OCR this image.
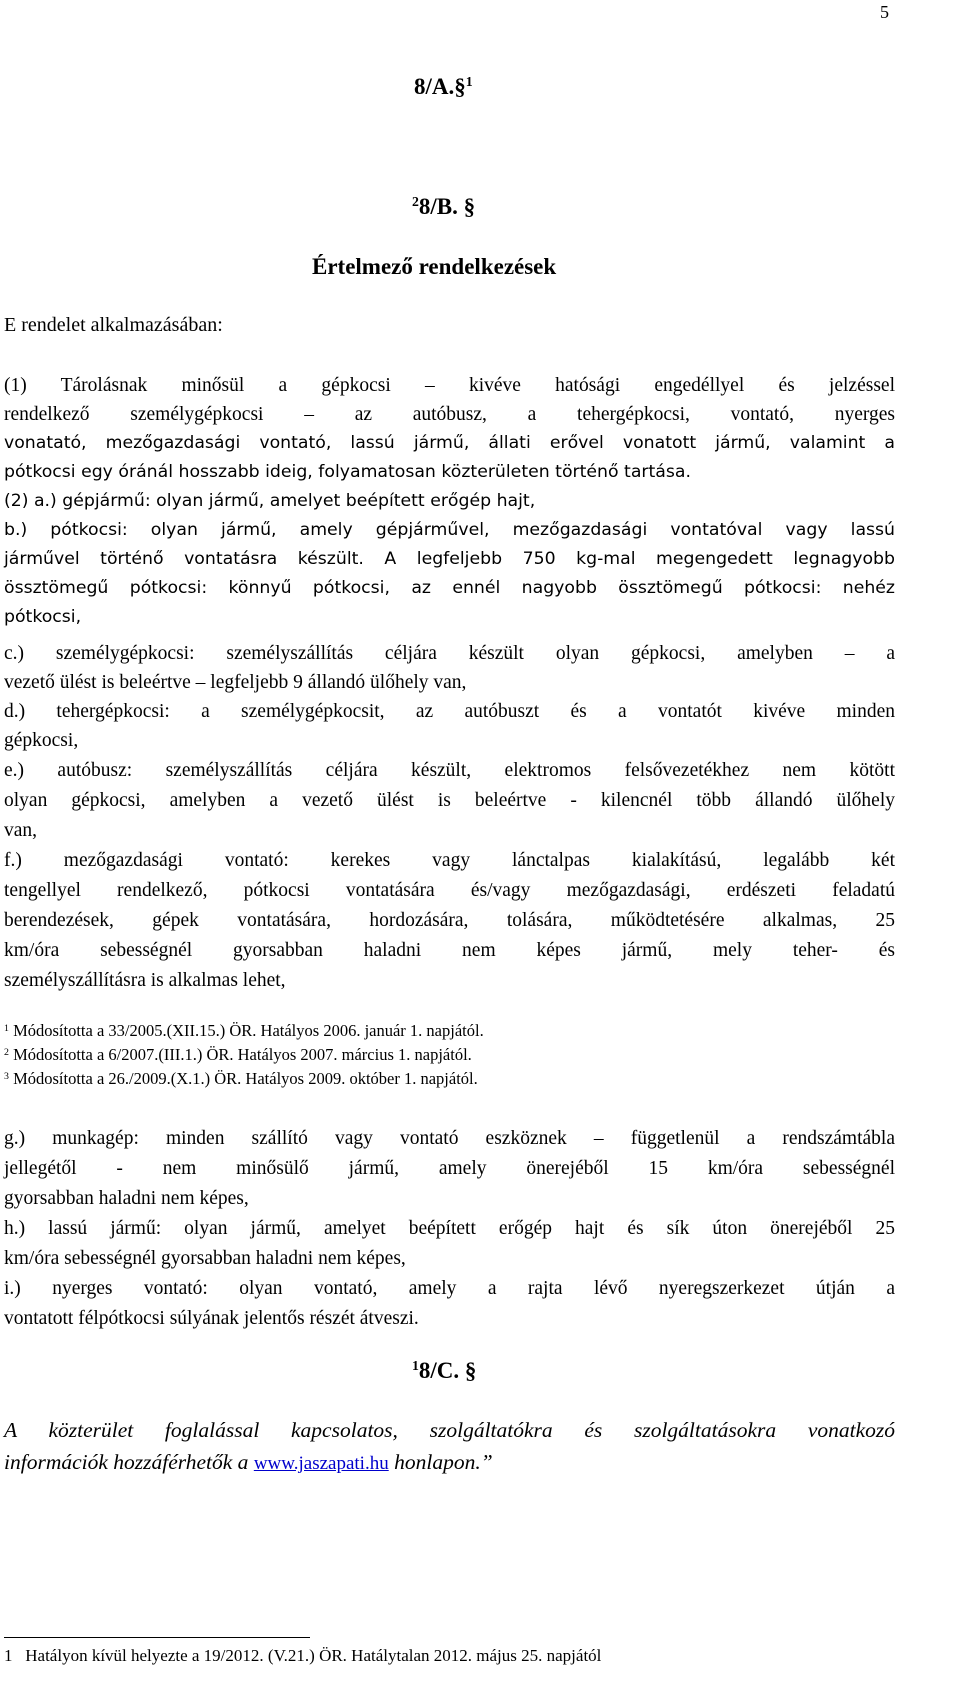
5
8/A.§$^1$
$^2$8/B. §
Értelmező rendelkezések
E rendelet alkalmazásában:
(1) Tárolásnak minősül a gépkocsi – kivéve hatósági engedéllyel és jelzéssel
rendelkező személygépkocsi – az autóbusz, a tehergépkocsi, vontató, nyerges
vonatató, mezőgazdasági vontató, lassú jármű, állati erővel vonatott jármű, valamint a
pótkocsi egy óránál hosszabb ideig, folyamatosan közterületen történő tartása.
(2) a.) gépjármű: olyan jármű, amelyet beépített erőgép hajt,
b.) pótkocsi: olyan jármű, amely gépjárművel, mezőgazdasági vontatóval vagy lassú
járművel történő vontatásra készült. A legfeljebb 750 kg-mal megengedett legnagyobb
össztömegű pótkocsi: könnyű pótkocsi, az ennél nagyobb össztömegű pótkocsi: nehéz
pótkocsi,
c.) személygépkocsi: személyszállítás céljára készült olyan gépkocsi, amelyben – a
vezető ülést is beleértve – legfeljebb 9 állandó ülőhely van,
d.) tehergépkocsi: a személygépkocsit, az autóbuszt és a vontatót kivéve minden
gépkocsi,
e.) autóbusz: személyszállítás céljára készült, elektromos felsővezetékhez nem kötött
olyan gépkocsi, amelyben a vezető ülést is beleértve - kilencnél több állandó ülőhely
van,
f.) mezőgazdasági vontató: kerekes vagy lánctalpas kialakítású, legalább két
tengellyel rendelkező, pótkocsi vontatására és/vagy mezőgazdasági, erdészeti feladatú
berendezések, gépek vontatására, hordozására, tolására, működtetésére alkalmas, 25
km/óra sebességnél gyorsabban haladni nem képes jármű, mely teher- és
személyszállításra is alkalmas lehet,
$^1$ Módosította a 33/2005.(XII.15.) ÖR. Hatályos 2006. január 1. napjától.
$^2$ Módosította a 6/2007.(III.1.) ÖR. Hatályos 2007. március 1. napjától.
$^3$ Módosította a 26./2009.(X.1.) ÖR. Hatályos 2009. október 1. napjától.
g.) munkagép: minden szállító vagy vontató eszköznek – függetlenül a rendszámtábla
jellegétől - nem minősülő jármű, amely önerejéből 15 km/óra sebességnél
gyorsabban haladni nem képes,
h.) lassú jármű: olyan jármű, amelyet beépített erőgép hajt és sík úton önerejéből 25
km/óra sebességnél gyorsabban haladni nem képes,
i.) nyerges vontató: olyan vontató, amely a rajta lévő nyeregszerkezet útján a
vontatott félpótkocsi súlyának jelentős részét átveszi.
$^1$8/C. §
A közterület foglalással kapcsolatos, szolgáltatókra és szolgáltatásokra vonatkozó
információk hozzáférhetők a www.jaszapati.hu honlapon.”
1 Hatályon kívül helyezte a 19/2012. (V.21.) ÖR. Hatálytalan 2012. május 25. napjától
